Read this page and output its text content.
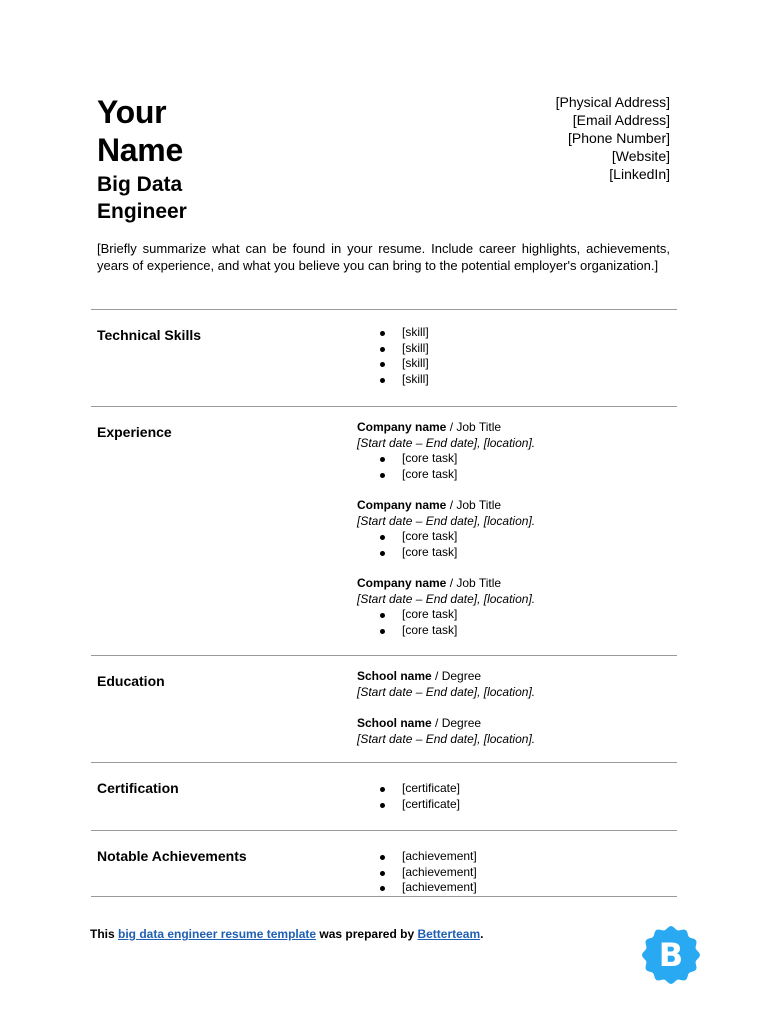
Your
Name
Big Data
Engineer
[Physical Address]
[Email Address]
[Phone Number]
[Website]
[LinkedIn]
[Briefly summarize what can be found in your resume. Include career highlights, achievements, years of experience, and what you believe you can bring to the potential employer's organization.]
Technical Skills	[skill]
[skill]
[skill]
[skill]
Experience	Company name / Job Title
[Start date – End date], [location].
[core task]
[core task]
Company name / Job Title
[Start date – End date], [location].
[core task]
[core task]
Company name / Job Title
[Start date – End date], [location].
[core task]
[core task]
Education	School name / Degree
[Start date – End date], [location].
School name / Degree
[Start date – End date], [location].
Certification	[certificate]
[certificate]
Notable Achievements	[achievement]
[achievement]
[achievement]
This big data engineer resume template was prepared by Betterteam.
B
